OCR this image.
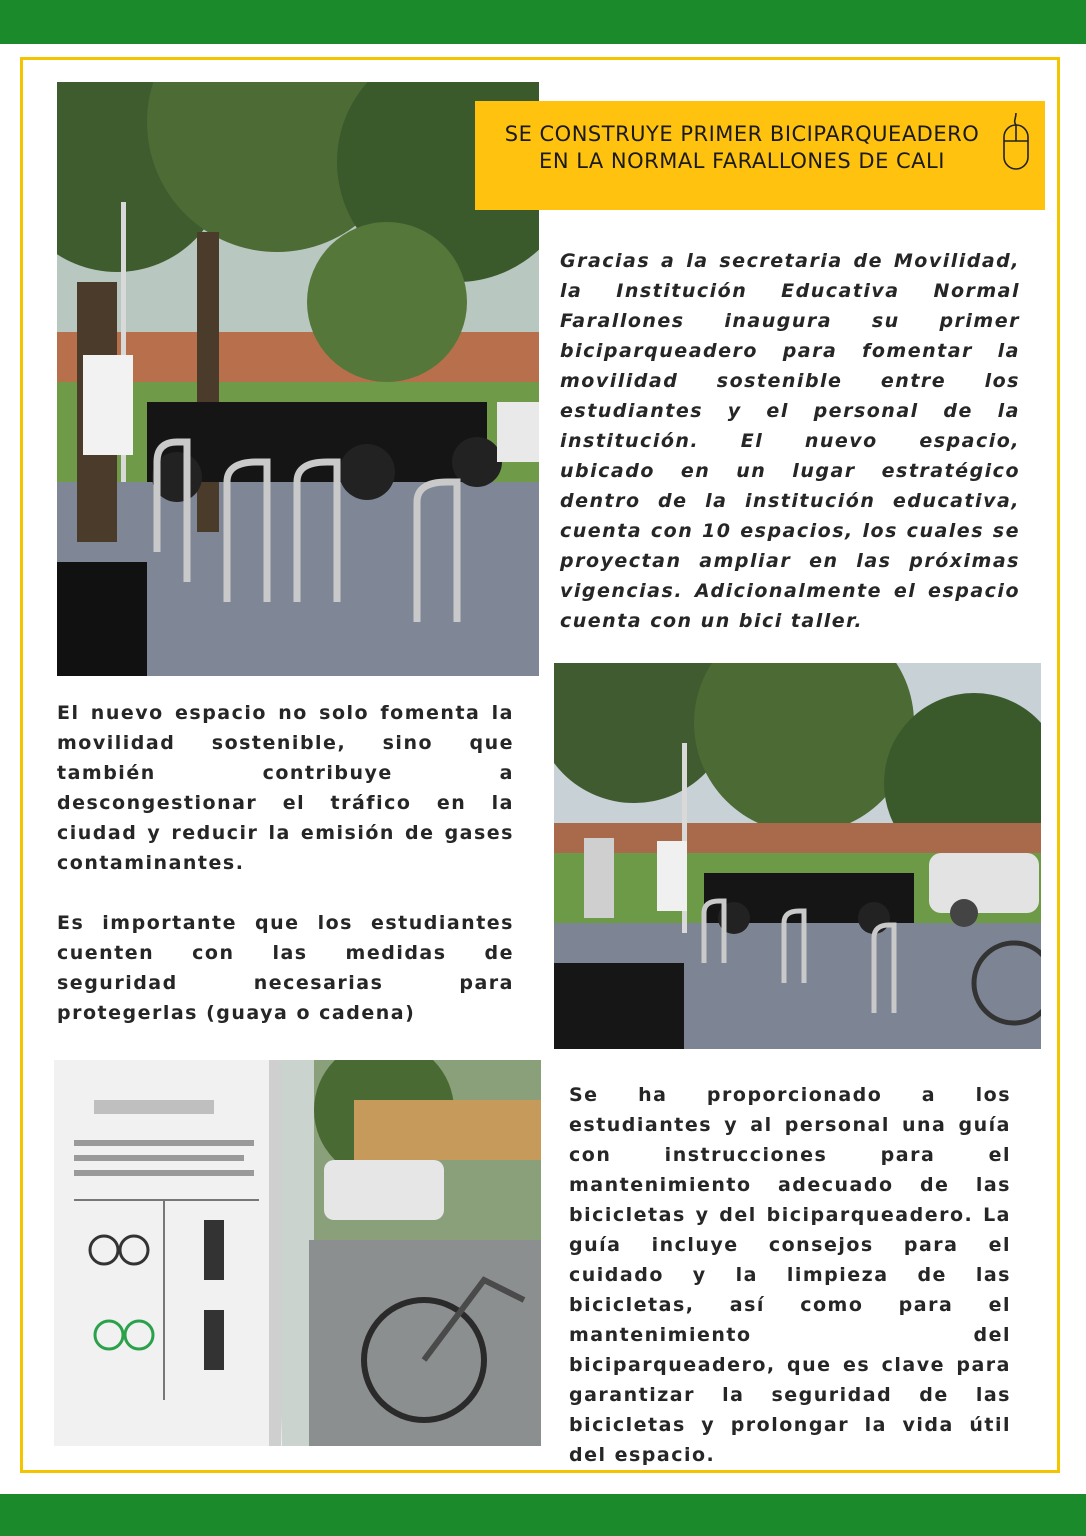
SE CONSTRUYE PRIMER BICIPARQUEADERO EN LA NORMAL FARALLONES DE CALI
Gracias a la secretaria de Movilidad, la Institución Educativa Normal Farallones inaugura su primer biciparqueadero para fomentar la movilidad sostenible entre los estudiantes y el personal de la institución. El nuevo espacio, ubicado en un lugar estratégico dentro de la institución educativa, cuenta con 10 espacios, los cuales se proyectan ampliar en las próximas vigencias. Adicionalmente el espacio cuenta con un bici taller.
El nuevo espacio no solo fomenta la movilidad sostenible, sino que también contribuye a descongestionar el tráfico en la ciudad y reducir la emisión de gases contaminantes.
Es importante que los estudiantes cuenten con las medidas de seguridad necesarias para protegerlas (guaya o cadena)
Se ha proporcionado a los estudiantes y al personal una guía con instrucciones para el mantenimiento adecuado de las bicicletas y del biciparqueadero. La guía incluye consejos para el cuidado y la limpieza de las bicicletas, así como para el mantenimiento del biciparqueadero, que es clave para garantizar la seguridad de las bicicletas y prolongar la vida útil del espacio.
